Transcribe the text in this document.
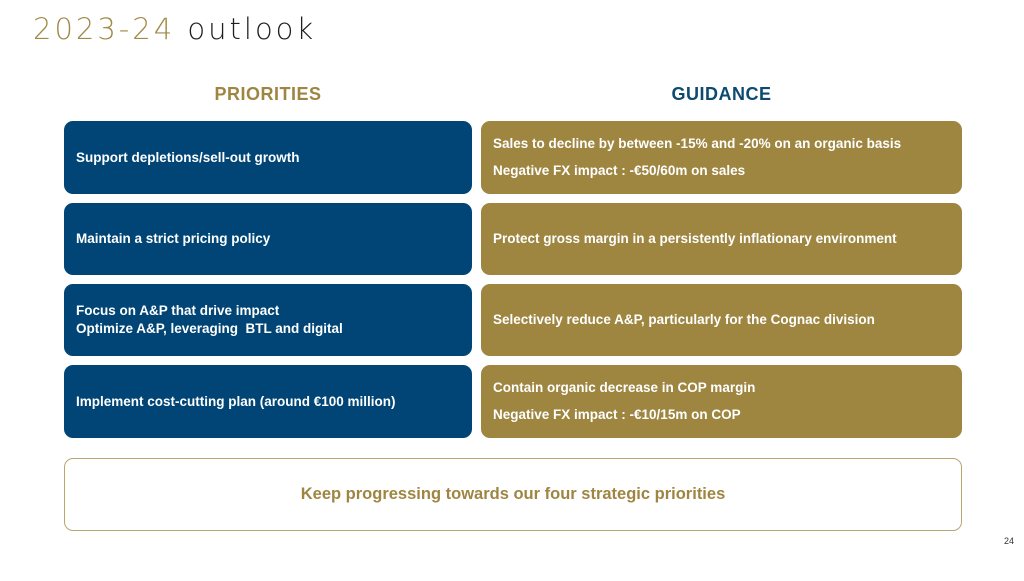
2023-24 outlook
PRIORITIES	GUIDANCE
Support depletions/sell-out growth
Maintain a strict pricing policy
Focus on A&P that drive impact
Optimize A&P, leveraging  BTL and digital
Implement cost-cutting plan (around €100 million)
Sales to decline by between -15% and -20% on an organic basis
Negative FX impact : -€50/60m on sales
Protect gross margin in a persistently inflationary environment
Selectively reduce A&P, particularly for the Cognac division
Contain organic decrease in COP margin
Negative FX impact : -€10/15m on COP
Keep progressing towards our four strategic priorities
24
